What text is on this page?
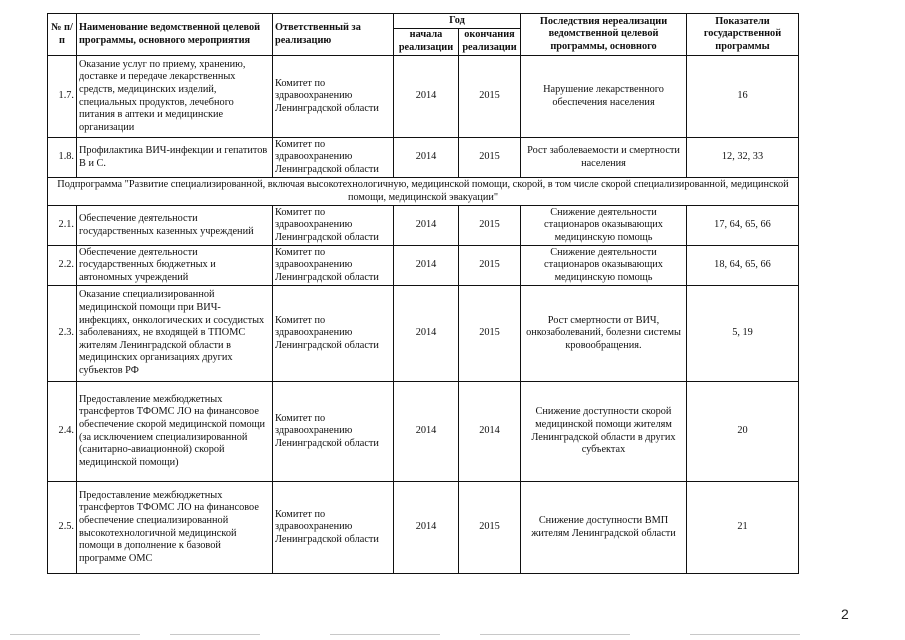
№ п/п	Наименование ведомственной целевой программы, основного мероприятия	Ответственный за реализацию	Год		Последствия нереализации ведомственной целевой программы, основного	Показатели государственной программы
			начала реализации	окончания реализации		
1.7.	Оказание услуг по приему, хранению, доставке и передаче лекарственных средств, медицинских изделий, специальных продуктов, лечебного питания в аптеки и медицинские организации	Комитет по здравоохранению Ленинградской области	2014	2015	Нарушение лекарственного обеспечения населения	16
1.8.	Профилактика ВИЧ-инфекции и гепатитов В и С.	Комитет по здравоохранению Ленинградской области	2014	2015	Рост заболеваемости и смертности населения	12, 32, 33
Подпрограмма "Развитие специализированной, включая высокотехнологичную, медицинской помощи, скорой, в том числе скорой специализированной, медицинской помощи, медицинской эвакуации"						
2.1.	Обеспечение деятельности государственных казенных учреждений	Комитет по здравоохранению Ленинградской области	2014	2015	Снижение деятельности стационаров оказывающих медицинскую помощь	17, 64, 65, 66
2.2.	Обеспечение деятельности государственных бюджетных и автономных учреждений	Комитет по здравоохранению Ленинградской области	2014	2015	Снижение деятельности стационаров оказывающих медицинскую помощь	18, 64, 65, 66
2.3.	Оказание специализированной медицинской помощи при ВИЧ-инфекциях, онкологических и сосудистых заболеваниях, не входящей в ТПОМС жителям Ленинградской области в медицинских организациях других субъектов РФ	Комитет по здравоохранению Ленинградской области	2014	2015	Рост смертности от ВИЧ, онкозаболеваний, болезни системы кровообращения.	5, 19
2.4.	Предоставление межбюджетных трансфертов ТФОМС ЛО на финансовое обеспечение скорой медицинской помощи (за исключением специализированной (санитарно-авиационной) скорой медицинской помощи)	Комитет по здравоохранению Ленинградской области	2014	2014	Снижение доступности скорой медицинской помощи жителям Ленинградской области в других субъектах	20
2.5.	Предоставление межбюджетных трансфертов ТФОМС ЛО на финансовое обеспечение специализированной высокотехнологичной медицинской помощи в дополнение к базовой программе ОМС	Комитет по здравоохранению Ленинградской области	2014	2015	Снижение доступности ВМП жителям Ленинградской области	21
2
